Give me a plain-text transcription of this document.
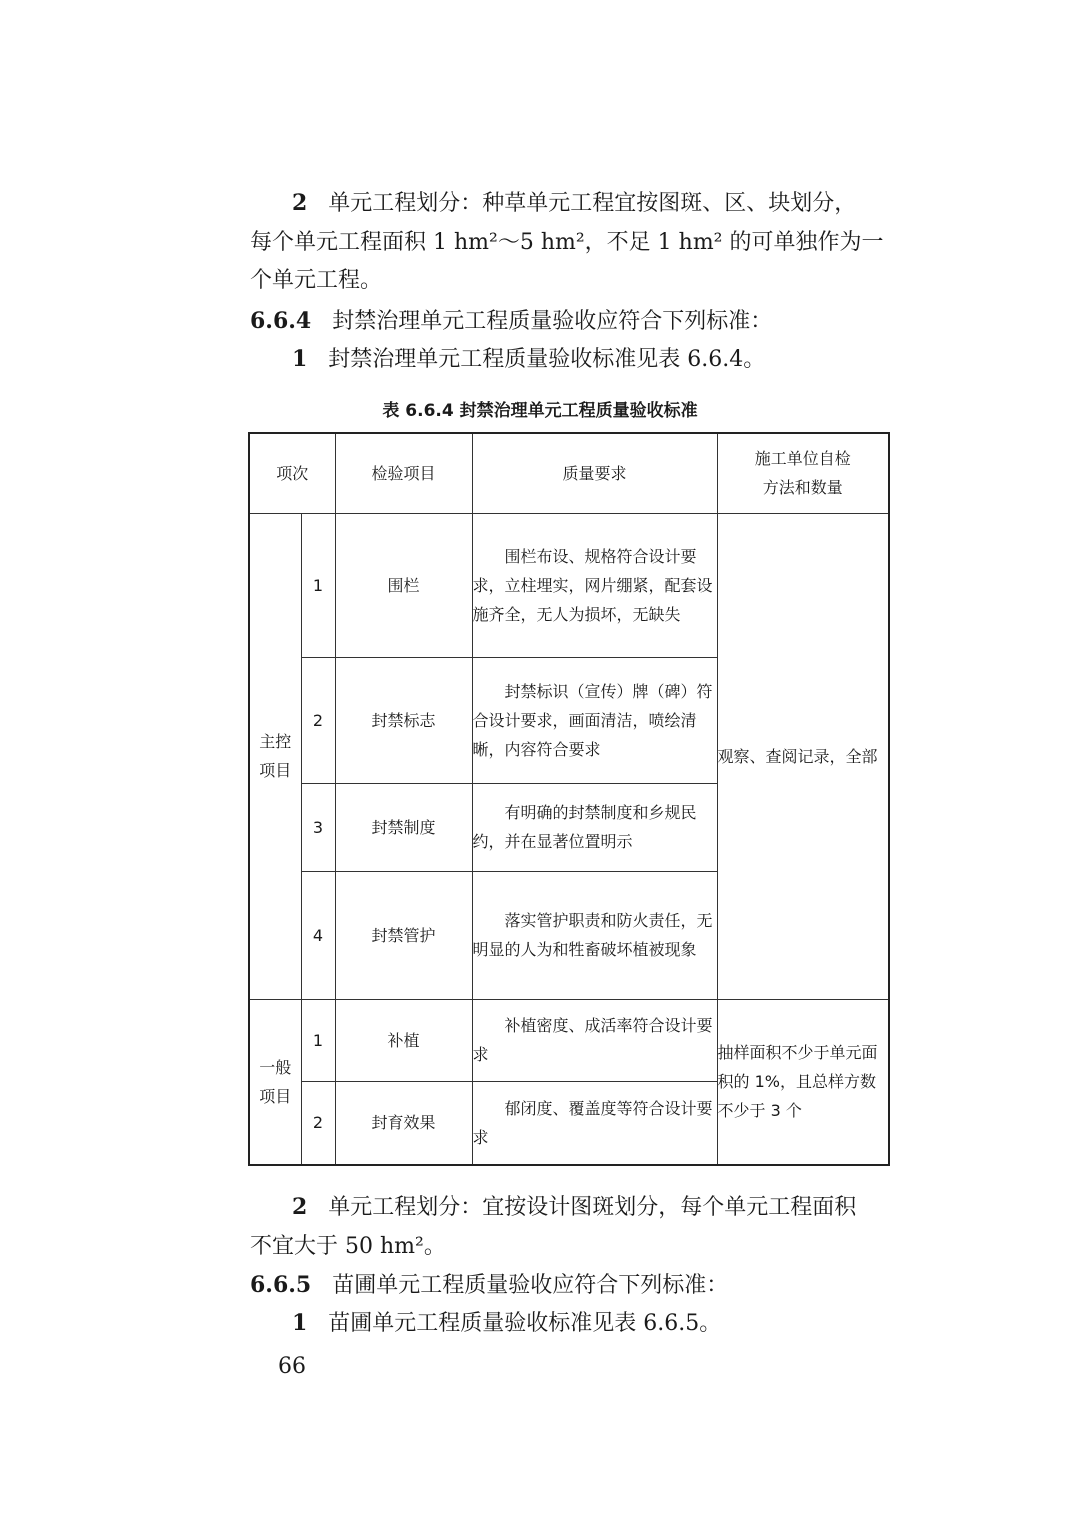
2 单元工程划分：种草单元工程宜按图斑、区、块划分，
每个单元工程面积 1 hm²～5 hm²，不足 1 hm² 的可单独作为一
个单元工程。
6.6.4 封禁治理单元工程质量验收应符合下列标准：
1 封禁治理单元工程质量验收标准见表 6.6.4。
表 6.6.4 封禁治理单元工程质量验收标准
项次		检验项目	质量要求	施工单位自检
方法和数量
主控
项目	1	围栏	围栏布设、规格符合设计要求，立柱埋实，网片绷紧，配套设施齐全，无人为损坏，无缺失	观察、查阅记录，全部
	2	封禁标志	封禁标识（宣传）牌（碑）符合设计要求，画面清洁，喷绘清晰，内容符合要求	

	3	封禁制度	有明确的封禁制度和乡规民约，并在显著位置明示	

	4	封禁管护	落实管护职责和防火责任，无明显的人为和牲畜破坏植被现象	

一般
项目	1	补植	补植密度、成活率符合设计要求	抽样面积不少于单元面积的 1%，且总样方数不少于 3 个
	2	封育效果	郁闭度、覆盖度等符合设计要求	
2 单元工程划分：宜按设计图斑划分，每个单元工程面积
不宜大于 50 hm²。
6.6.5 苗圃单元工程质量验收应符合下列标准：
1 苗圃单元工程质量验收标准见表 6.6.5。
66
